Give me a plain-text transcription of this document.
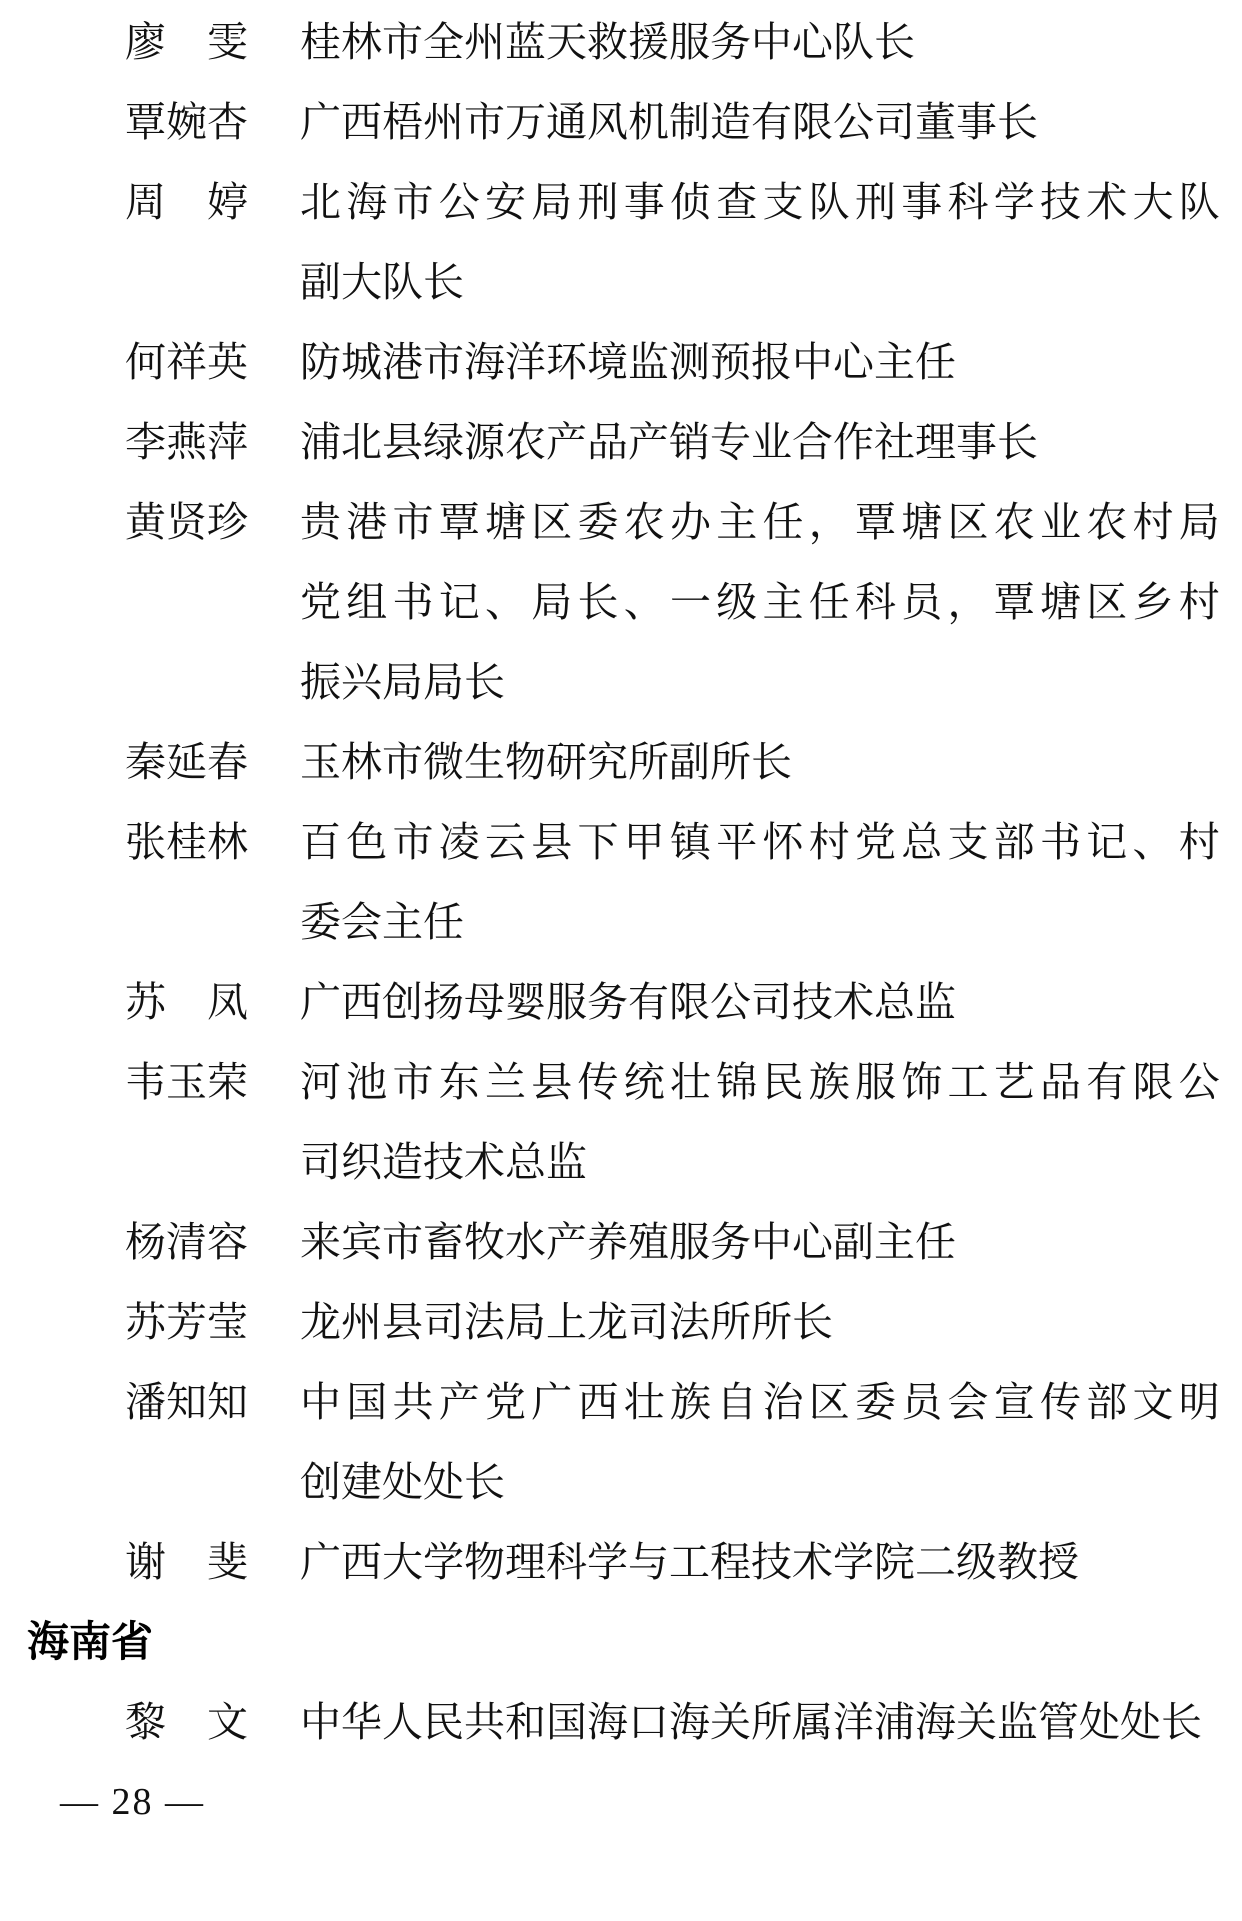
廖　雯	桂林市全州蓝天救援服务中心队长
覃婉杏	广西梧州市万通风机制造有限公司董事长
周　婷	北 海 市 公 安 局 刑 事 侦 查 支 队 刑 事 科 学 技 术 大 队
副大队长
何祥英	防城港市海洋环境监测预报中心主任
李燕萍	浦北县绿源农产品产销专业合作社理事长
黄贤珍	贵 港 市 覃 塘 区 委 农 办 主 任 ， 覃 塘 区 农 业 农 村 局
党 组 书 记 、 局 长 、 一 级 主 任 科 员 ， 覃 塘 区 乡 村
振兴局局长
秦延春	玉林市微生物研究所副所长
张桂林	百 色 市 凌 云 县 下 甲 镇 平 怀 村 党 总 支 部 书 记 、 村
委会主任
苏　凤	广西创扬母婴服务有限公司技术总监
韦玉荣	河 池 市 东 兰 县 传 统 壮 锦 民 族 服 饰 工 艺 品 有 限 公
司织造技术总监
杨清容	来宾市畜牧水产养殖服务中心副主任
苏芳莹	龙州县司法局上龙司法所所长
潘知知	中 国 共 产 党 广 西 壮 族 自 治 区 委 员 会 宣 传 部 文 明
创建处处长
谢　斐	广西大学物理科学与工程技术学院二级教授
海南省
黎　文	中华人民共和国海口海关所属洋浦海关监管处处长
— 28 —
